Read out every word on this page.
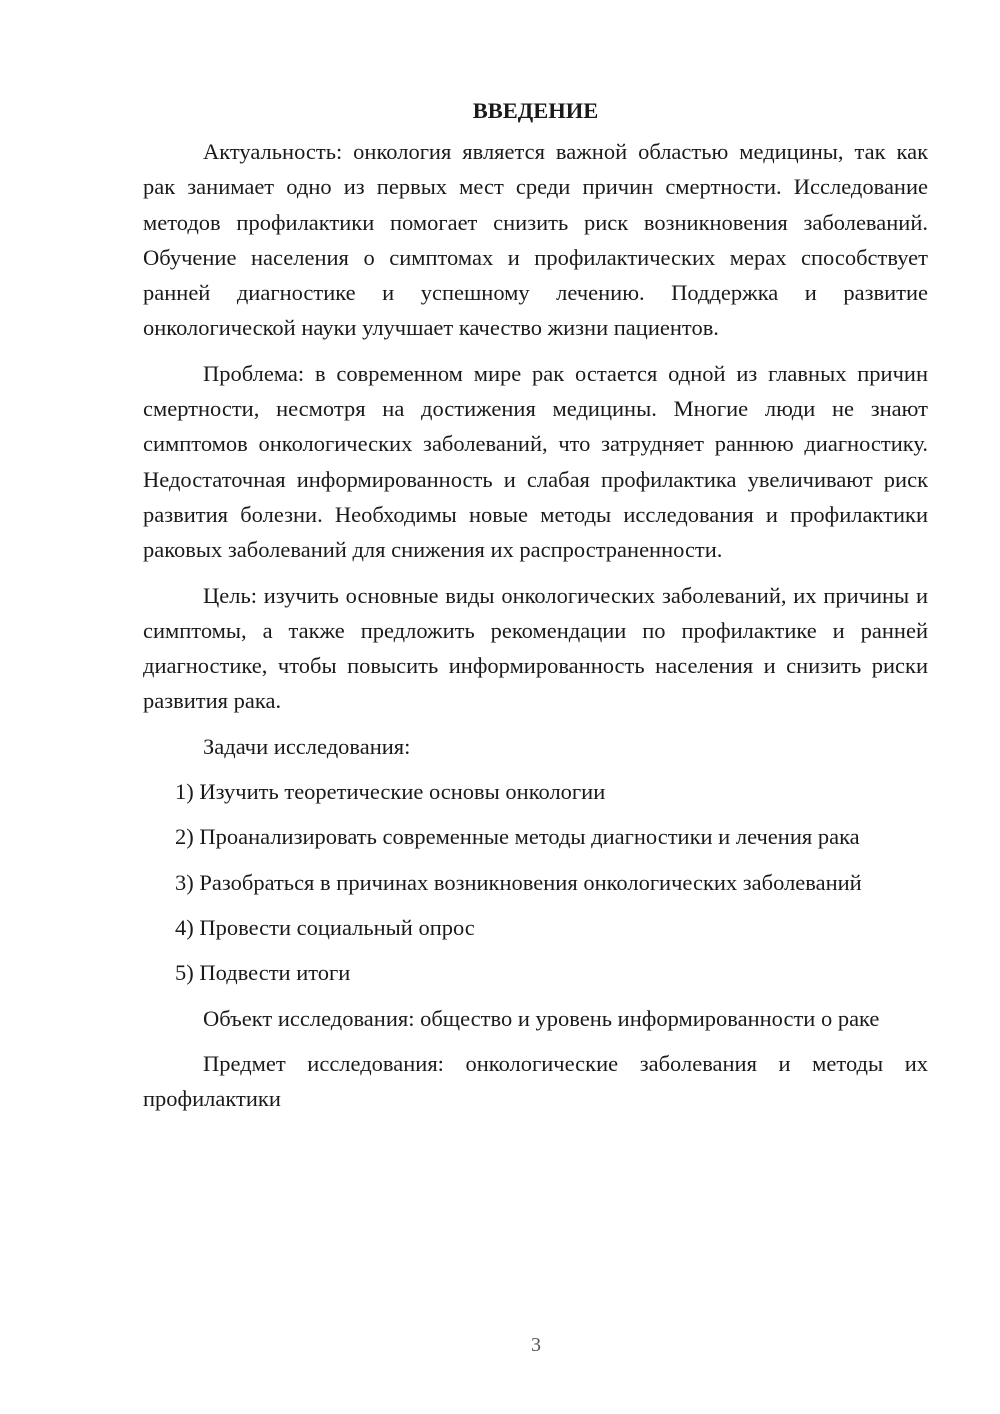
ВВЕДЕНИЕ

Актуальность: онкология является важной областью медицины, так как рак занимает одно из первых мест среди причин смертности. Исследование методов профилактики помогает снизить риск возникновения заболеваний. Обучение населения о симптомах и профилактических мерах способствует ранней диагностике и успешному лечению. Поддержка и развитие онкологической науки улучшает качество жизни пациентов.

Проблема: в современном мире рак остается одной из главных причин смертности, несмотря на достижения медицины. Многие люди не знают симптомов онкологических заболеваний, что затрудняет раннюю диагностику. Недостаточная информированность и слабая профилактика увеличивают риск развития болезни. Необходимы новые методы исследования и профилактики раковых заболеваний для снижения их распространенности.

Цель: изучить основные виды онкологических заболеваний, их причины и симптомы, а также предложить рекомендации по профилактике и ранней диагностике, чтобы повысить информированность населения и снизить риски развития рака.

Задачи исследования:

1) Изучить теоретические основы онкологии

2) Проанализировать современные методы диагностики и лечения рака

3) Разобраться в причинах возникновения онкологических заболеваний

4) Провести социальный опрос

5) Подвести итоги

Объект исследования: общество и уровень информированности о раке

Предмет исследования: онкологические заболевания и методы их профилактики

3
